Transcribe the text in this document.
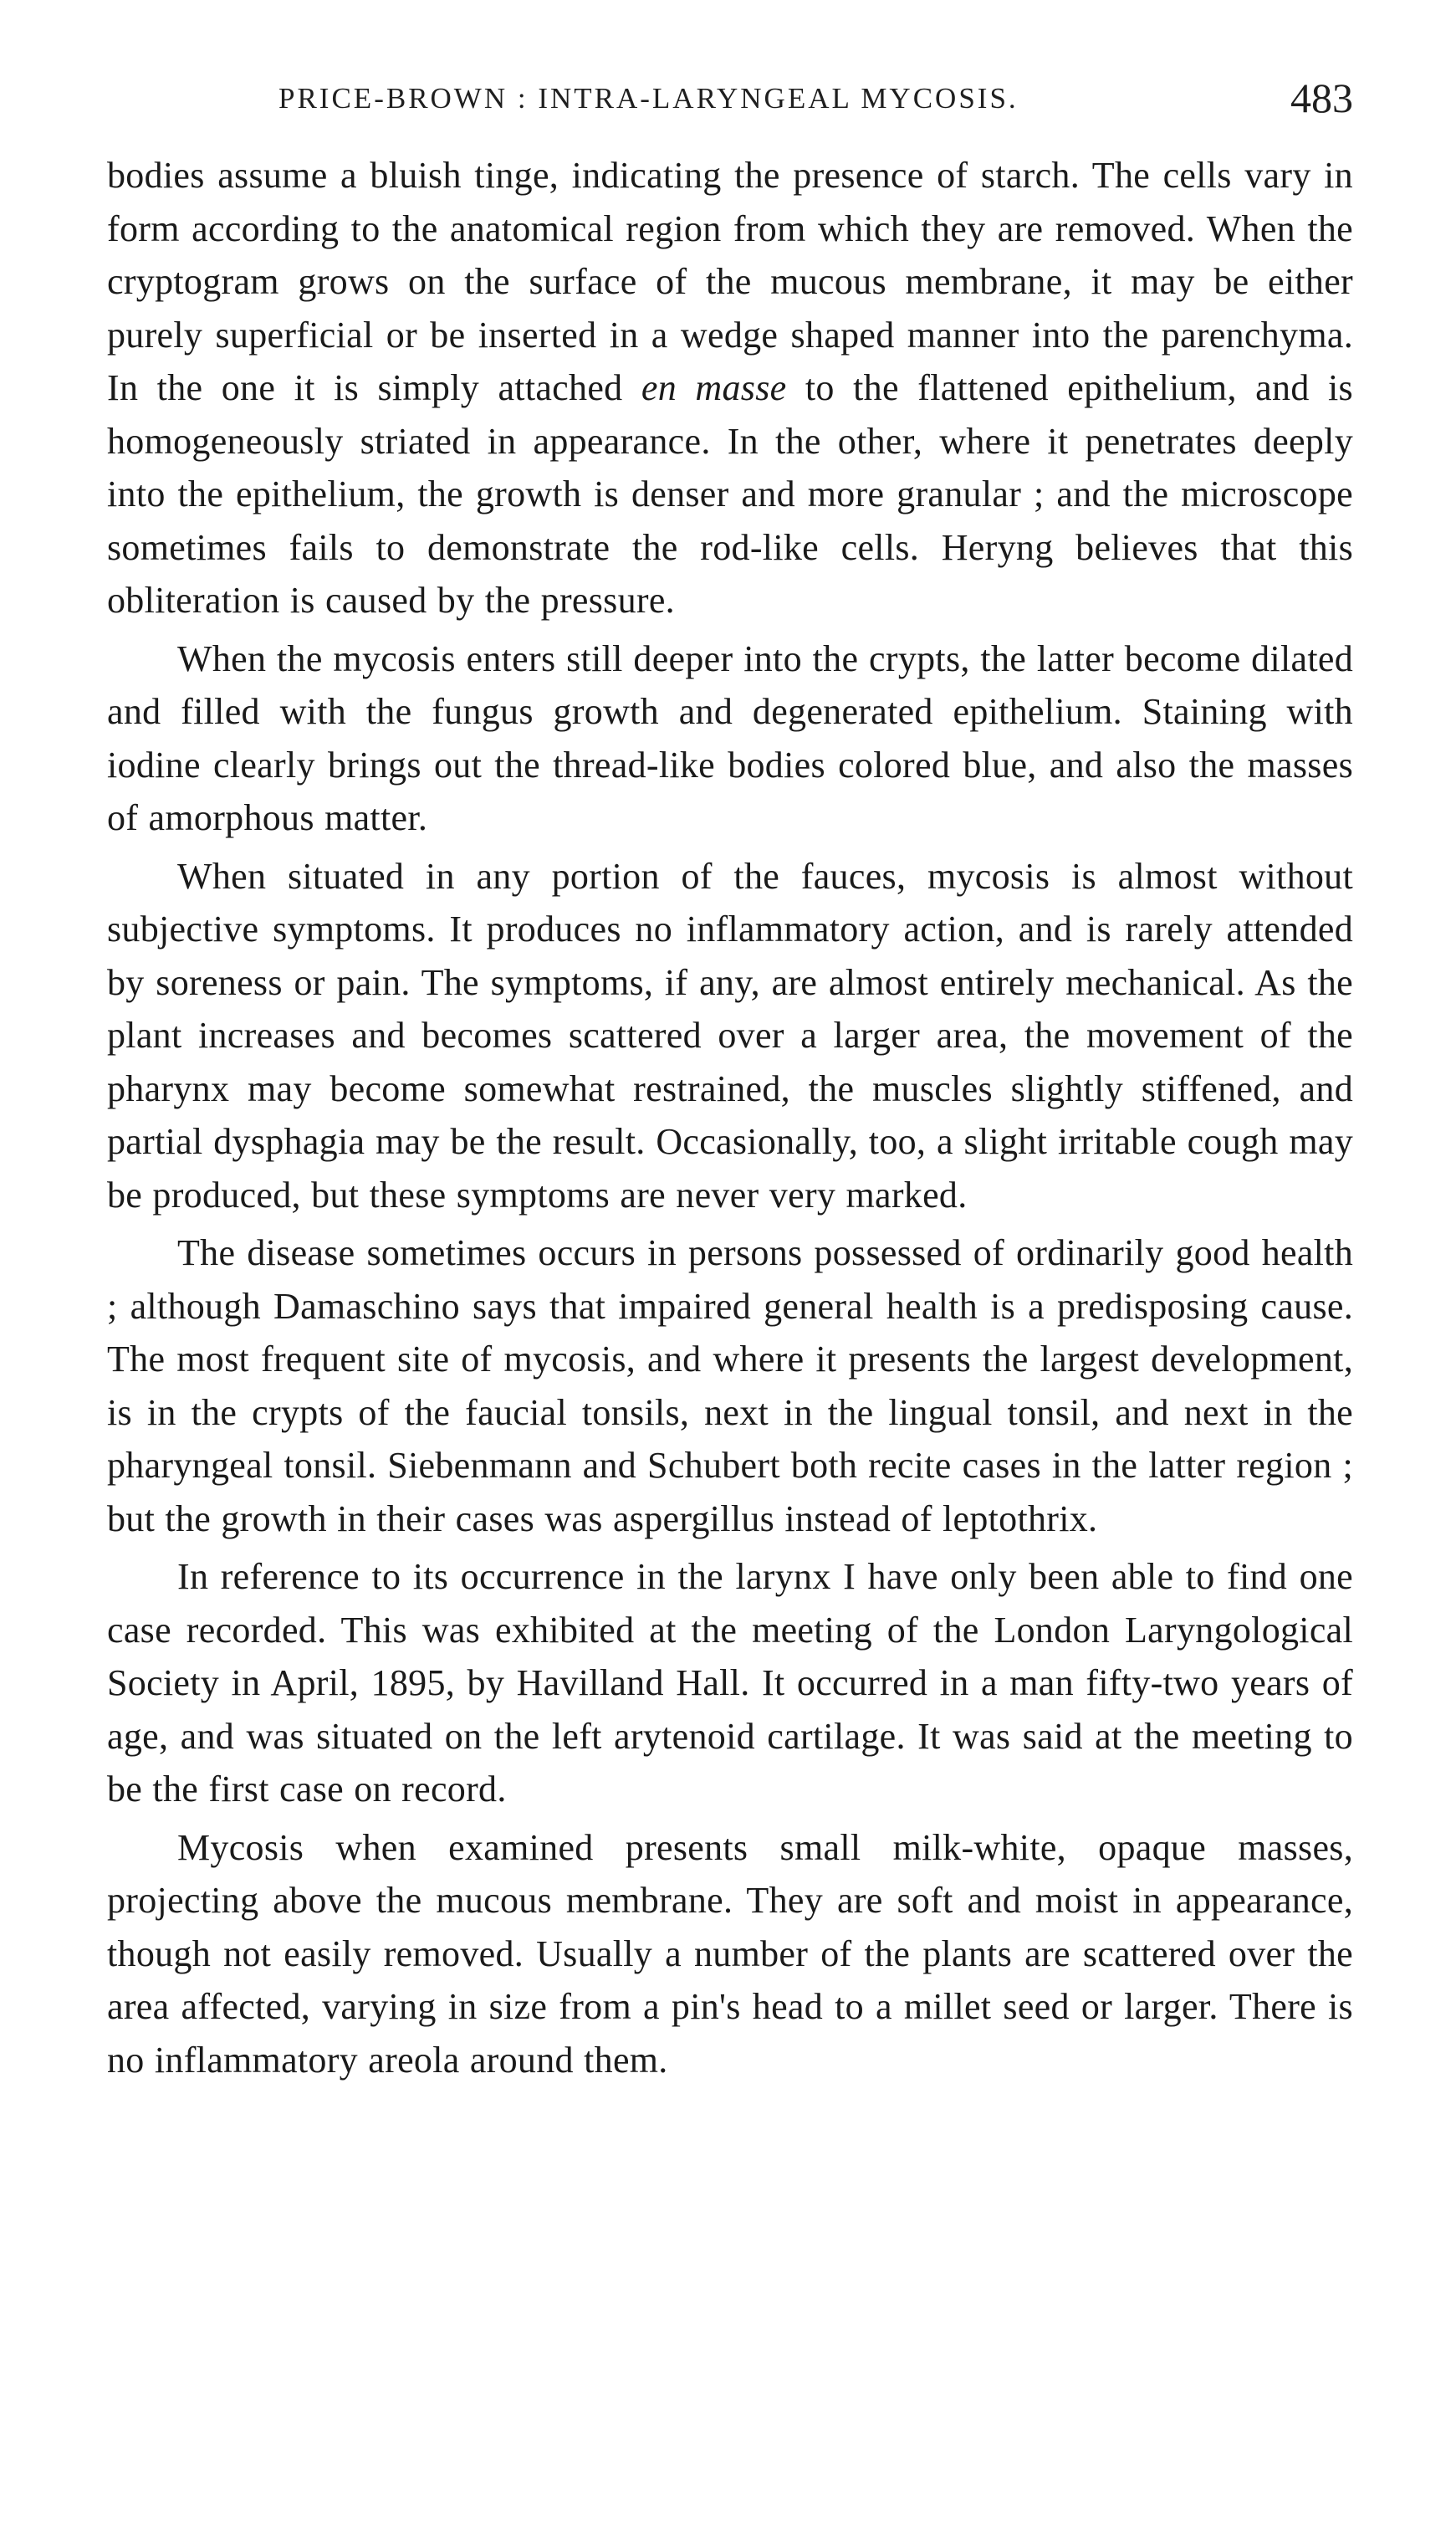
PRICE-BROWN : INTRA-LARYNGEAL MYCOSIS.	483

bodies assume a bluish tinge, indicating the presence of starch. The cells vary in form according to the anatomical region from which they are removed. When the cryptogram grows on the surface of the mucous membrane, it may be either purely superficial or be inserted in a wedge shaped manner into the parenchyma. In the one it is simply attached en masse to the flattened epithelium, and is homogeneously striated in appearance. In the other, where it penetrates deeply into the epithelium, the growth is denser and more granular ; and the microscope sometimes fails to demonstrate the rod-like cells. Heryng believes that this obliteration is caused by the pressure.

When the mycosis enters still deeper into the crypts, the latter become dilated and filled with the fungus growth and degenerated epithelium. Staining with iodine clearly brings out the thread-like bodies colored blue, and also the masses of amorphous matter.

When situated in any portion of the fauces, mycosis is almost without subjective symptoms. It produces no inflammatory action, and is rarely attended by soreness or pain. The symptoms, if any, are almost entirely mechanical. As the plant increases and becomes scattered over a larger area, the movement of the pharynx may become somewhat restrained, the muscles slightly stiffened, and partial dysphagia may be the result. Occasionally, too, a slight irritable cough may be produced, but these symptoms are never very marked.

The disease sometimes occurs in persons possessed of ordinarily good health ; although Damaschino says that impaired general health is a predisposing cause. The most frequent site of mycosis, and where it presents the largest development, is in the crypts of the faucial tonsils, next in the lingual tonsil, and next in the pharyngeal tonsil. Siebenmann and Schubert both recite cases in the latter region ; but the growth in their cases was aspergillus instead of leptothrix.

In reference to its occurrence in the larynx I have only been able to find one case recorded. This was exhibited at the meeting of the London Laryngological Society in April, 1895, by Havilland Hall. It occurred in a man fifty-two years of age, and was situated on the left arytenoid cartilage. It was said at the meeting to be the first case on record.

Mycosis when examined presents small milk-white, opaque masses, projecting above the mucous membrane. They are soft and moist in appearance, though not easily removed. Usually a number of the plants are scattered over the area affected, varying in size from a pin's head to a millet seed or larger. There is no inflammatory areola around them.
